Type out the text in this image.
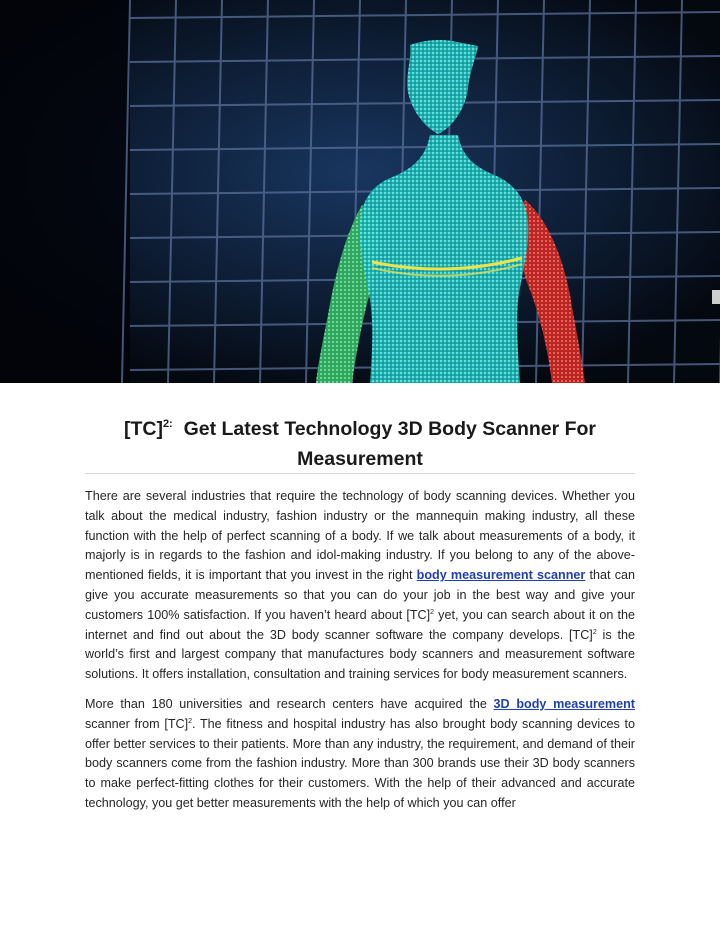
[TC]$^{2:}$ Get Latest Technology 3D Body Scanner For
Measurement

There are several industries that require the technology of body scanning devices. Whether you talk about the medical industry, fashion industry or the mannequin making industry, all these function with the help of perfect scanning of a body. If we talk about measurements of a body, it majorly is in regards to the fashion and idol-making industry. If you belong to any of the above-mentioned fields, it is important that you invest in the right body measurement scanner that can give you accurate measurements so that you can do your job in the best way and give your customers 100% satisfaction. If you haven’t heard about [TC]$^2$ yet, you can search about it on the internet and find out about the 3D body scanner software the company develops. [TC]$^2$ is the world’s first and largest company that manufactures body scanners and measurement software solutions. It offers installation, consultation and training services for body measurement scanners.

More than 180 universities and research centers have acquired the 3D body measurement scanner from [TC]$^2$. The fitness and hospital industry has also brought body scanning devices to offer better services to their patients. More than any industry, the requirement, and demand of their body scanners come from the fashion industry. More than 300 brands use their 3D body scanners to make perfect-fitting clothes for their customers. With the help of their advanced and accurate technology, you get better measurements with the help of which you can offer
